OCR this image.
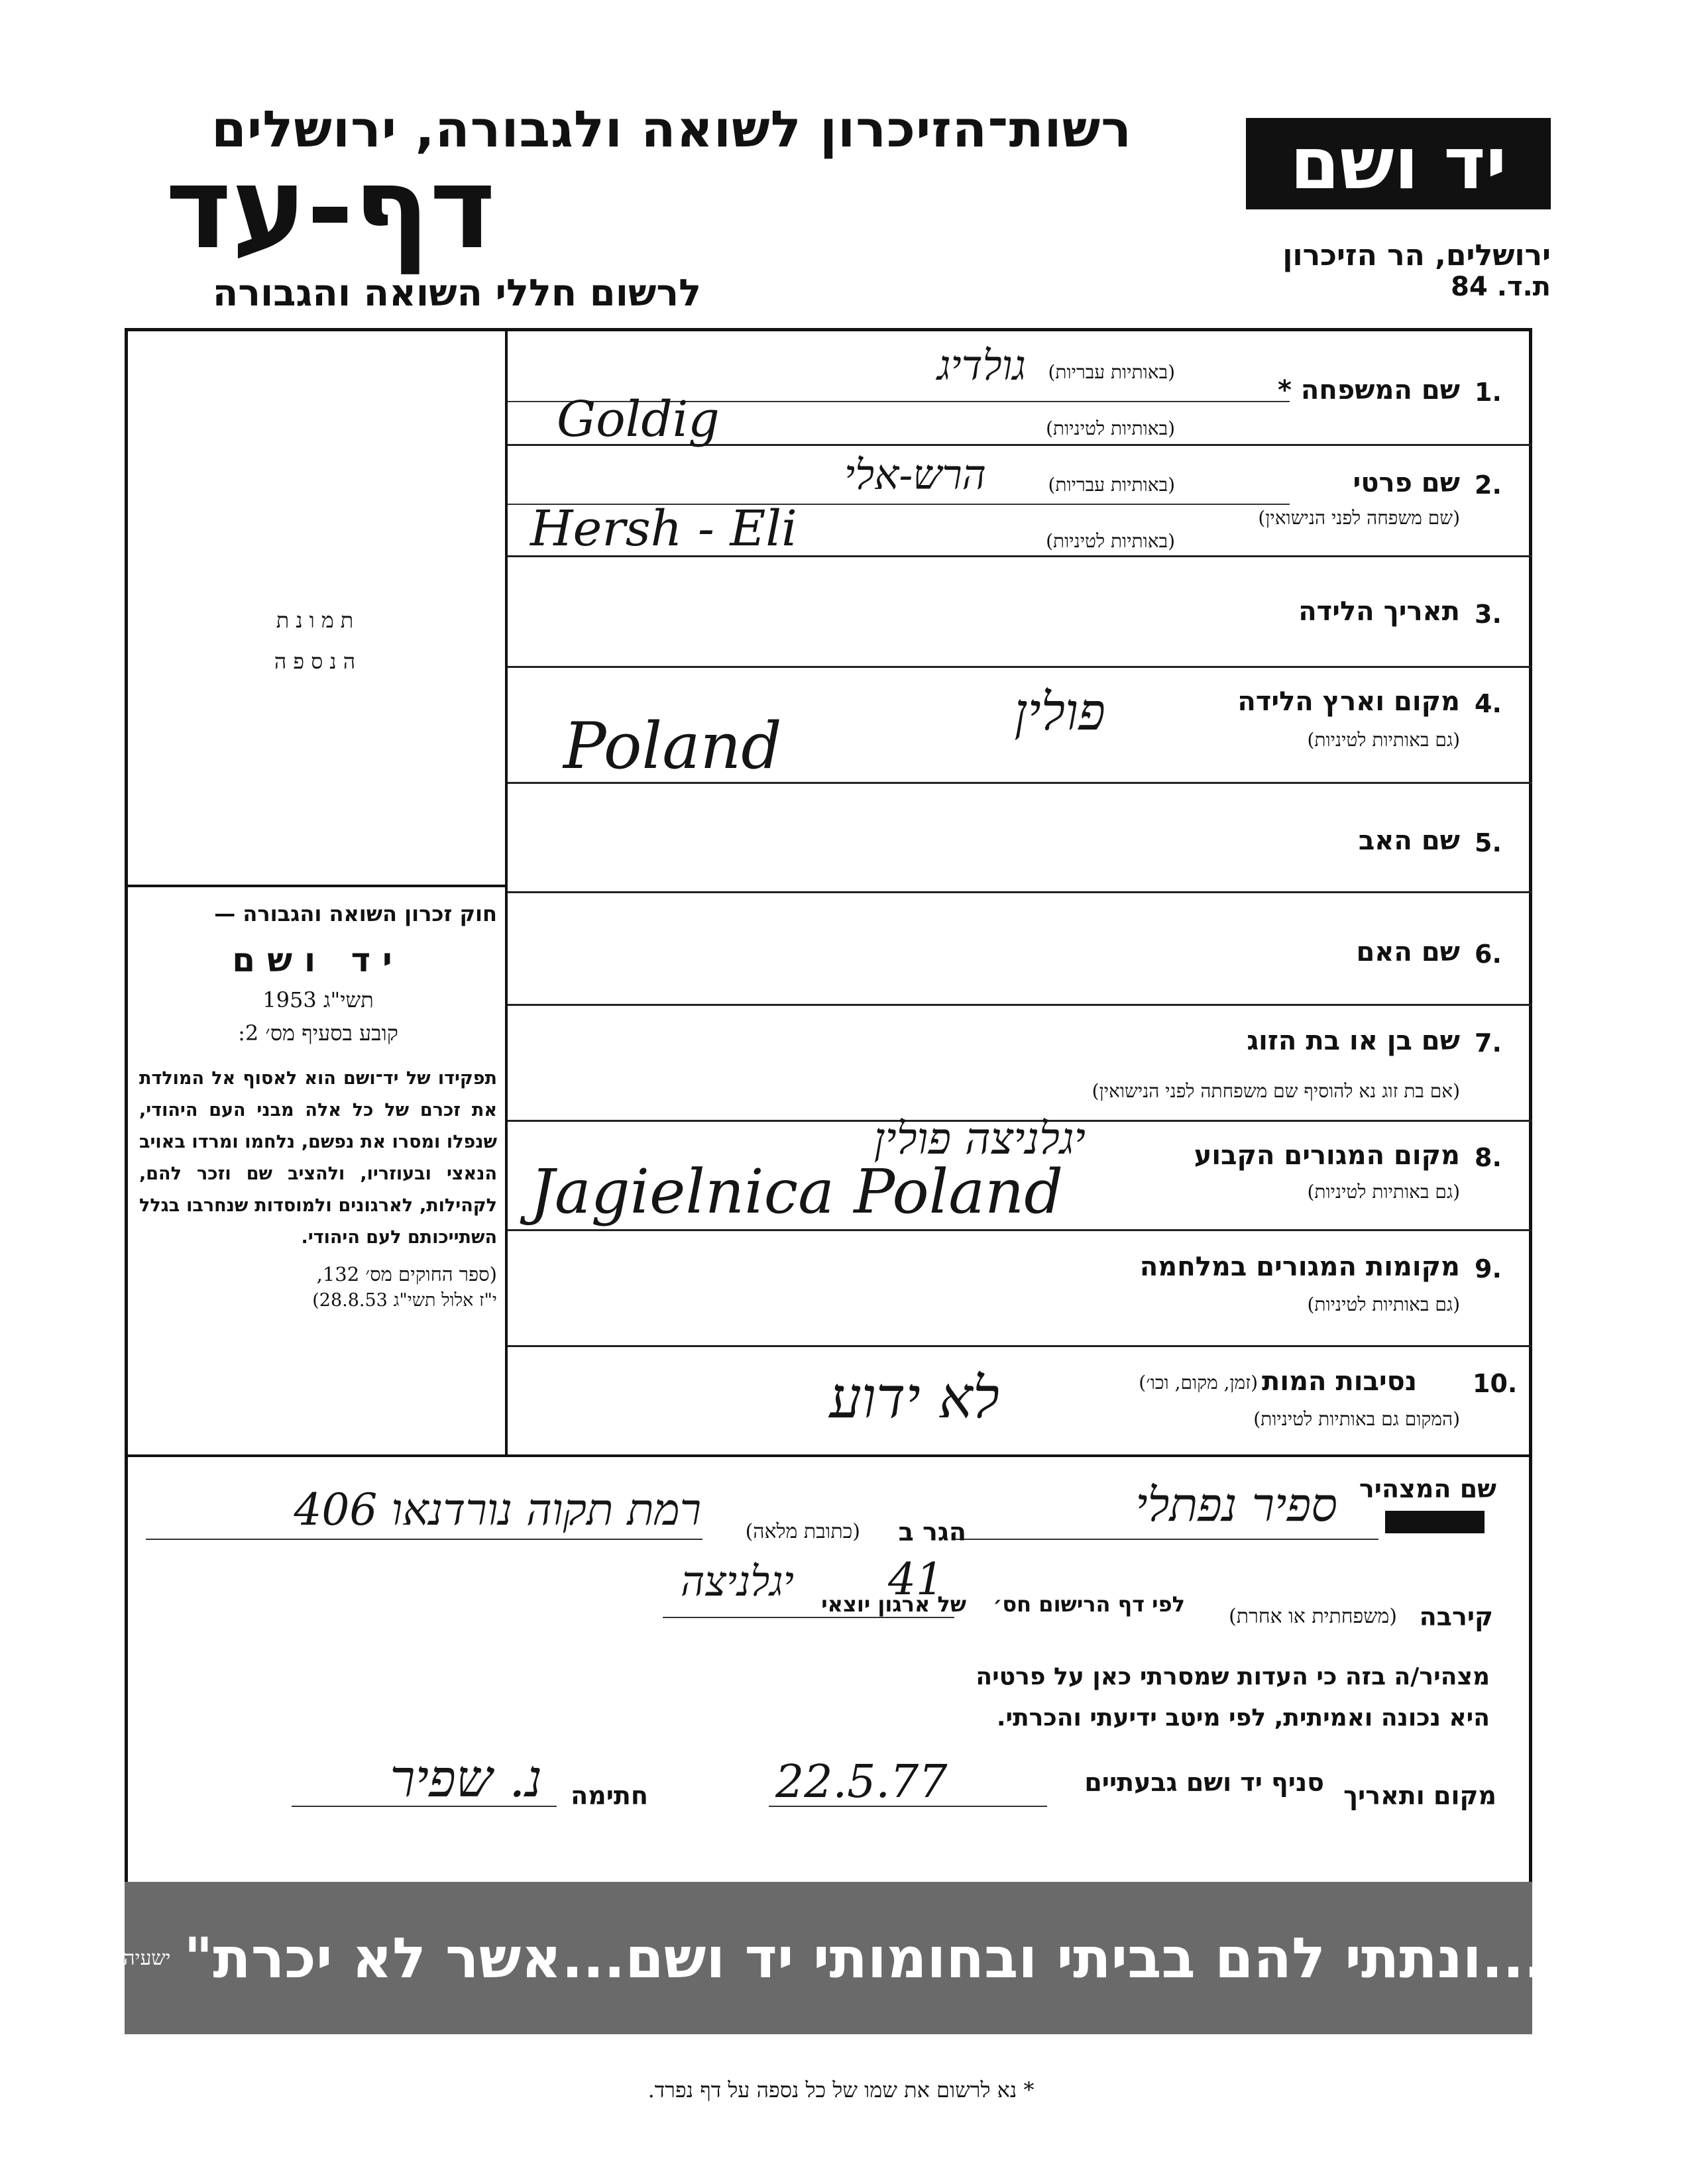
רשות־הזיכרון לשואה ולגבורה, ירושלים
דף-עד
לרשום חללי השואה והגבורה
יד ושם
ירושלים, הר הזיכרון
ת.ד. 84
תמונת
הנספה
חוק זכרון השואה והגבורה —
יד ושם
תשי"ג 1953
קובע בסעיף מס׳ 2:
תפקידו של יד־ושם הוא לאסוף אל המולדת את זכרם של כל אלה מבני העם היהודי, שנפלו ומסרו את נפשם, נלחמו ומרדו באויב הנאצי ובעוזריו, ולהציב שם וזכר להם, לקהילות, לארגונים ולמוסדות שנחרבו בגלל השתייכותם לעם היהודי.
(ספר החוקים מס׳ 132,
י"ז אלול תשי"ג 28.8.53)
1.
שם המשפחה *
(באותיות עבריות)
(באותיות לטיניות)
גולדיג
Goldig
2.
שם פרטי
(שם משפחה לפני הנישואין)
(באותיות עבריות)
(באותיות לטיניות)
הרש-אלי
Hersh - Eli
3.
תאריך הלידה
4.
מקום וארץ הלידה
(גם באותיות לטיניות)
פולין
Poland
5.
שם האב
6.
שם האם
7.
שם בן או בת הזוג
(אם בת זוג נא להוסיף שם משפחתה לפני הנישואין)
8.
מקום המגורים הקבוע
(גם באותיות לטיניות)
יגלניצה פולין
Jagielnica Poland
9.
מקומות המגורים במלחמה
(גם באותיות לטיניות)
10.
נסיבות המות
(זמן, מקום, וכו׳)
(המקום גם באותיות לטיניות)
לא ידוע
שם המצהיר
ספיר נפתלי
הגר ב
(כתובת מלאה)
רמת תקוה נורדנאו 406
קירבה
(משפחתית או אחרת)
לפי דף הרישום חס׳
41
של ארגון יוצאי
יגלניצה
מצהיר/ה בזה כי העדות שמסרתי כאן על פרטיה
היא נכונה ואמיתית, לפי מיטב ידיעתי והכרתי.
מקום ותאריך
סניף יד ושם גבעתיים
22.5.77
חתימה
נ. שפיר
"...ונתתי להם בביתי ובחומותי יד ושם...אשר לא יכרת"
ישעיהו נו ה
* נא לרשום את שמו של כל נספה על דף נפרד.
